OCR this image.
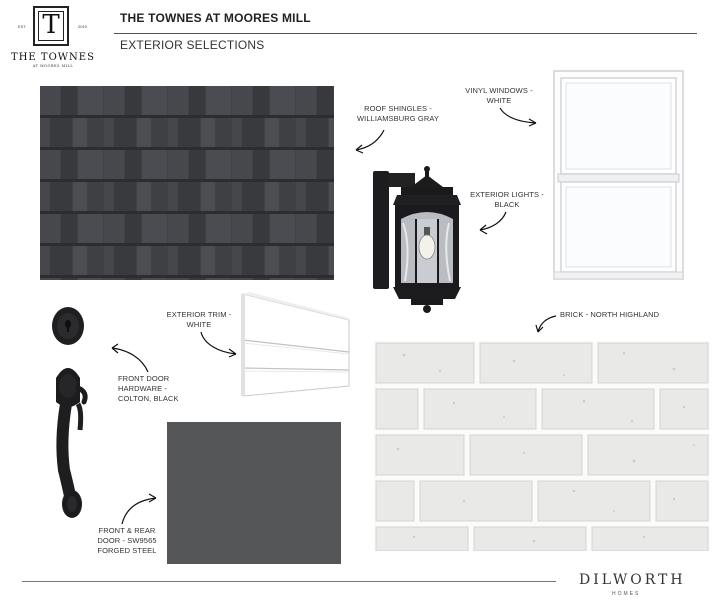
T
EST.	2019
THE TOWNES
AT MOORES MILL
THE TOWNES AT MOORES MILL
EXTERIOR SELECTIONS
ROOF SHINGLES -
WILLIAMSBURG GRAY
VINYL WINDOWS -
WHITE
EXTERIOR LIGHTS -
BLACK
EXTERIOR TRIM -
WHITE
BRICK - NORTH HIGHLAND
FRONT DOOR
HARDWARE -
COLTON, BLACK
FRONT & REAR
DOOR - SW9565
FORGED STEEL
DILWORTH
HOMES
